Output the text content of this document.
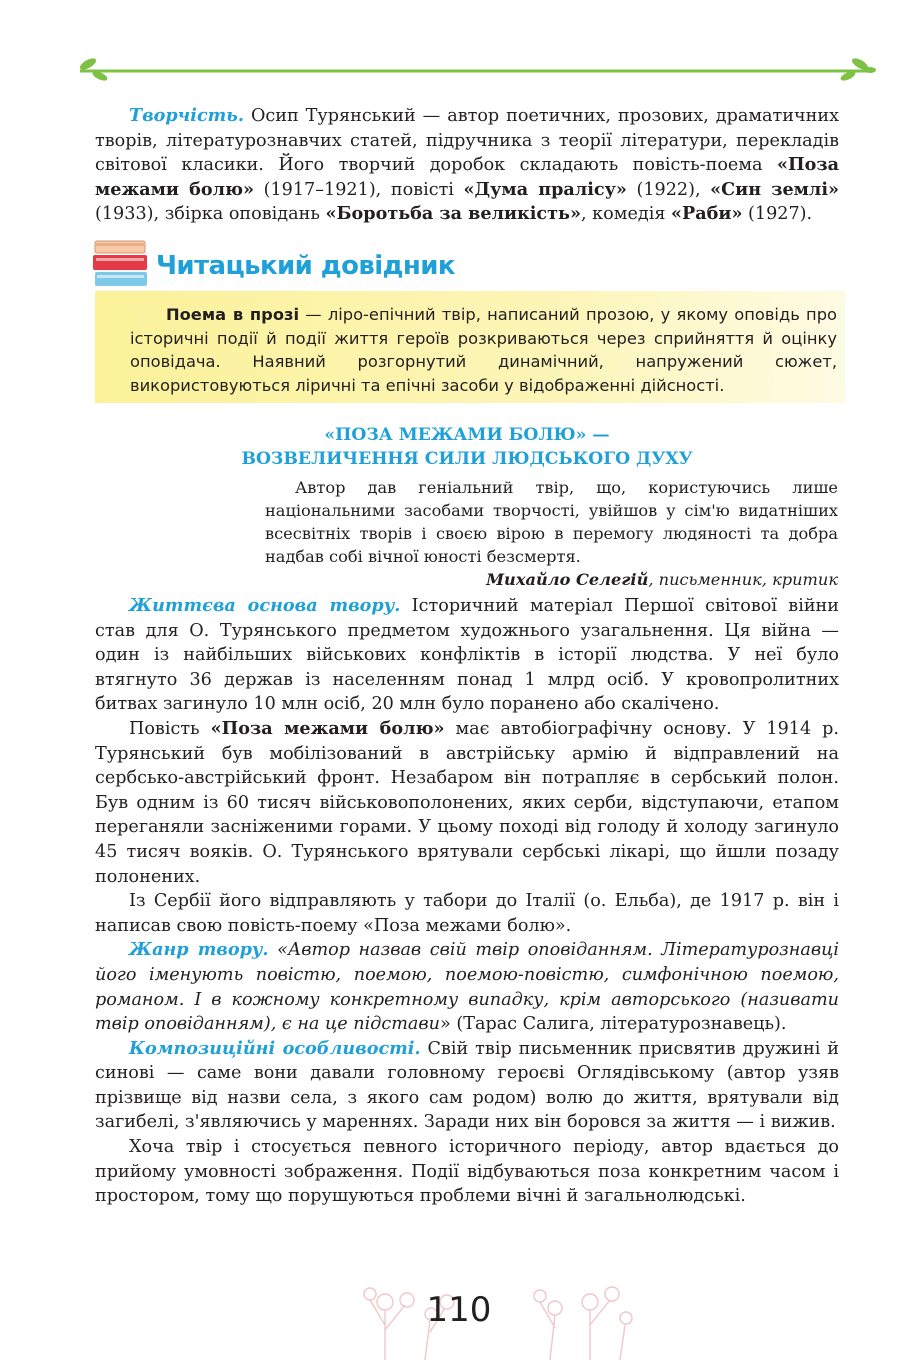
Творчість. Осип Турянський — автор поетичних, прозових, драматичних творів, літературознавчих статей, підручника з теорії літератури, перекладів світової класики. Його творчий доробок складають повість-поема «Поза межами болю» (1917–1921), повісті «Дума пралісу» (1922), «Син землі» (1933), збірка оповідань «Боротьба за великість», комедія «Раби» (1927).

Читацький довідник

Поема в прозі — ліро-епічний твір, написаний прозою, у якому оповідь про історичні події й події життя героїв розкриваються через сприйняття й оцінку оповідача. Наявний розгорнутий динамічний, напружений сюжет, використовуються ліричні та епічні засоби у відображенні дійсності.

«ПОЗА МЕЖАМИ БОЛЮ» —
ВОЗВЕЛИЧЕННЯ СИЛИ ЛЮДСЬКОГО ДУХУ

Автор дав геніальний твір, що, користуючись лише національними засобами творчості, увійшов у сім'ю видатніших всесвітніх творів і своєю вірою в перемогу людяності та добра надбав собі вічної юності безсмертя.

Михайло Селегій, письменник, критик

Життєва основа твору. Історичний матеріал Першої світової війни став для О. Турянського предметом художнього узагальнення. Ця війна — один із найбільших військових конфліктів в історії людства. У неї було втягнуто 36 держав із населенням понад 1 млрд осіб. У кровопролитних битвах загинуло 10 млн осіб, 20 млн було поранено або скалічено.

Повість «Поза межами болю» має автобіографічну основу. У 1914 р. Турянський був мобілізований в австрійську армію й відправлений на сербсько-австрійський фронт. Незабаром він потрапляє в сербський полон. Був одним із 60 тисяч військовополонених, яких серби, відступаючи, етапом переганяли засніженими горами. У цьому поході від голоду й холоду загинуло 45 тисяч вояків. О. Турянського врятували сербські лікарі, що йшли позаду полонених.

Із Сербії його відправляють у табори до Італії (о. Ельба), де 1917 р. він і написав свою повість-поему «Поза межами болю».

Жанр твору. «Автор назвав свій твір оповіданням. Літературознавці його іменують повістю, поемою, поемою-повістю, симфонічною поемою, романом. І в кожному конкретному випадку, крім авторського (називати твір оповіданням), є на це підстави» (Тарас Салига, літературознавець).

Композиційні особливості. Свій твір письменник присвятив дружині й синові — саме вони давали головному героєві Оглядівському (автор узяв прізвище від назви села, з якого сам родом) волю до життя, врятували від загибелі, з'являючись у мареннях. Заради них він боровся за життя — і вижив.

Хоча твір і стосується певного історичного періоду, автор вдається до прийому умовності зображення. Події відбуваються поза конкретним часом і простором, тому що порушуються проблеми вічні й загальнолюдські.

110
